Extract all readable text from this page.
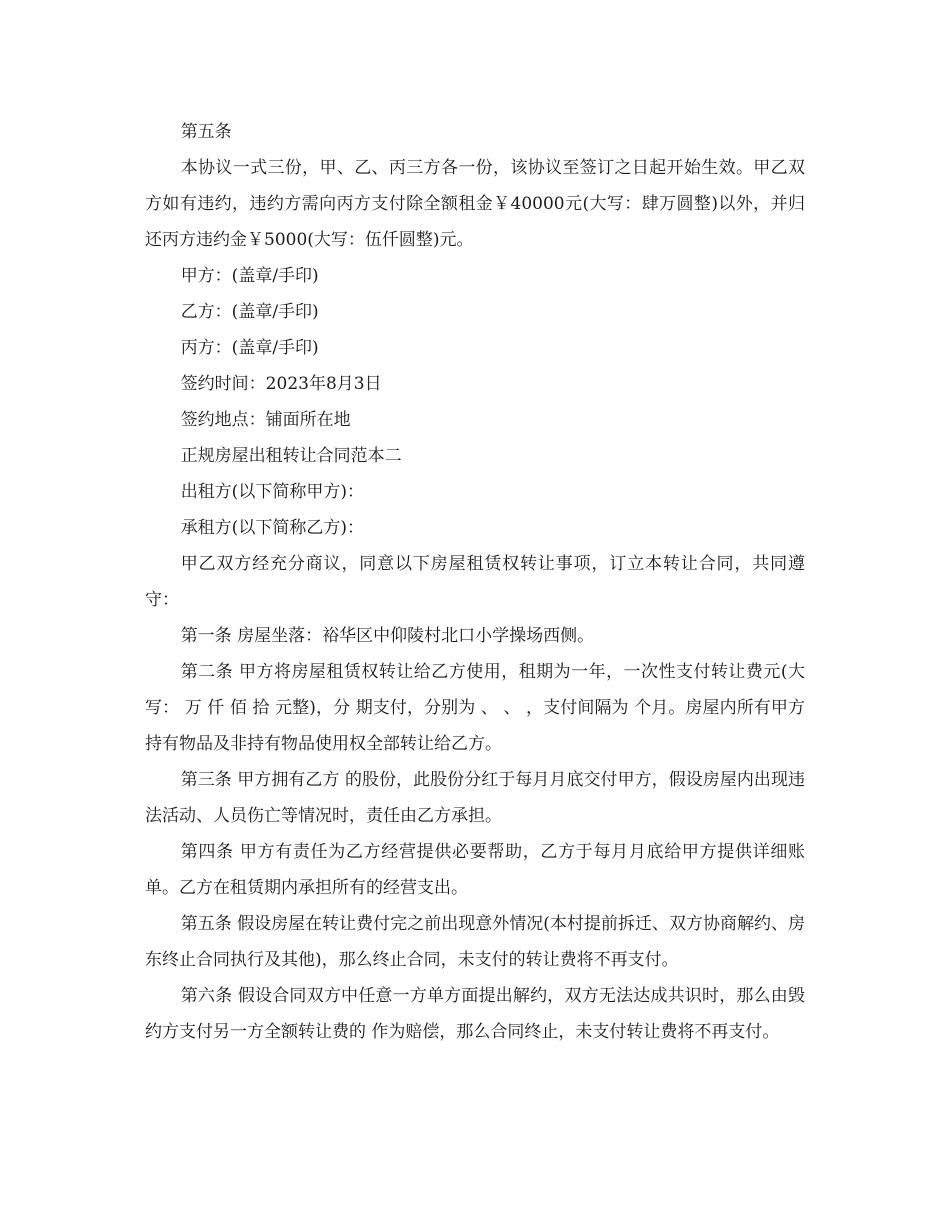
第五条

本协议一式三份，甲、乙、丙三方各一份，该协议至签订之日起开始生效。甲乙双方如有违约，违约方需向丙方支付除全额租金￥40000元(大写：肆万圆整)以外，并归还丙方违约金￥5000(大写：伍仟圆整)元。

甲方：(盖章/手印)

乙方：(盖章/手印)

丙方：(盖章/手印)

签约时间：2023年8月3日

签约地点：铺面所在地

正规房屋出租转让合同范本二

出租方(以下简称甲方)：

承租方(以下简称乙方)：

甲乙双方经充分商议，同意以下房屋租赁权转让事项，订立本转让合同，共同遵守：

第一条 房屋坐落：裕华区中仰陵村北口小学操场西侧。

第二条 甲方将房屋租赁权转让给乙方使用，租期为一年，一次性支付转让费元(大写： 万 仟 佰 拾 元整)，分 期支付，分别为 、 、 ，支付间隔为 个月。房屋内所有甲方持有物品及非持有物品使用权全部转让给乙方。

第三条 甲方拥有乙方 的股份，此股份分红于每月月底交付甲方，假设房屋内出现违法活动、人员伤亡等情况时，责任由乙方承担。

第四条 甲方有责任为乙方经营提供必要帮助，乙方于每月月底给甲方提供详细账单。乙方在租赁期内承担所有的经营支出。

第五条 假设房屋在转让费付完之前出现意外情况(本村提前拆迁、双方协商解约、房东终止合同执行及其他)，那么终止合同，未支付的转让费将不再支付。

第六条 假设合同双方中任意一方单方面提出解约，双方无法达成共识时，那么由毁约方支付另一方全额转让费的 作为赔偿，那么合同终止，未支付转让费将不再支付。
